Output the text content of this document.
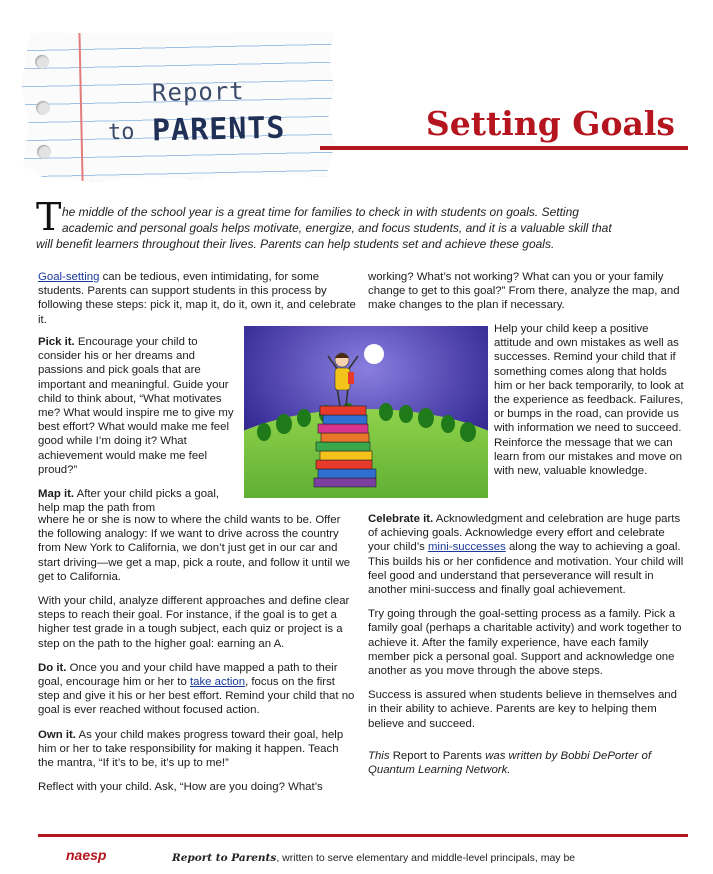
Report
to PARENTS	Setting Goals
T he middle of the school year is a great time for families to check in with students on goals. Setting
academic and personal goals helps motivate, energize, and focus students, and it is a valuable skill that
will benefit learners throughout their lives. Parents can help students set and achieve these goals.

Goal-setting can be tedious, even intimidating, for some students. Parents can support students in this process by following these steps: pick it, map it, do it, own it, and celebrate it.

Pick it. Encourage your child to consider his or her dreams and passions and pick goals that are important and meaningful. Guide your child to think about, “What motivates me? What would inspire me to give my best effort? What would make me feel good while I’m doing it? What achievement would make me feel proud?”

Map it. After your child picks a goal, help map the path from

where he or she is now to where the child wants to be. Offer the following analogy: If we want to drive across the country from New York to California, we don’t just get in our car and start driving—we get a map, pick a route, and follow it until we get to California.

With your child, analyze different approaches and define clear steps to reach their goal. For instance, if the goal is to get a higher test grade in a tough subject, each quiz or project is a step on the path to the higher goal: earning an A.

Do it. Once you and your child have mapped a path to their goal, encourage him or her to take action, focus on the first step and give it his or her best effort. Remind your child that no goal is ever reached without focused action.

Own it. As your child makes progress toward their goal, help him or her to take responsibility for making it happen. Teach the mantra, “If it’s to be, it’s up to me!”

Reflect with your child. Ask, “How are you doing? What’s

working? What’s not working? What can you or your family change to get to this goal?” From there, analyze the map, and make changes to the plan if necessary.

Help your child keep a positive attitude and own mistakes as well as successes. Remind your child that if something comes along that holds him or her back temporarily, to look at the experience as feedback. Failures, or bumps in the road, can provide us with information we need to succeed. Reinforce the message that we can learn from our mistakes and move on with new, valuable knowledge.

Celebrate it. Acknowledgment and celebration are huge parts of achieving goals. Acknowledge every effort and celebrate your child’s mini-successes along the way to achieving a goal. This builds his or her confidence and motivation. Your child will feel good and understand that perseverance will result in another mini-success and finally goal achievement.

Try going through the goal-setting process as a family. Pick a family goal (perhaps a charitable activity) and work together to achieve it. After the family experience, have each family member pick a personal goal. Support and acknowledge one another as you move through the above steps.

Success is assured when students believe in themselves and in their ability to achieve. Parents are key to helping them believe and succeed.

This Report to Parents was written by Bobbi DePorter of Quantum Learning Network.

naesp	Report to Parents, written to serve elementary and middle-level principals, may be
